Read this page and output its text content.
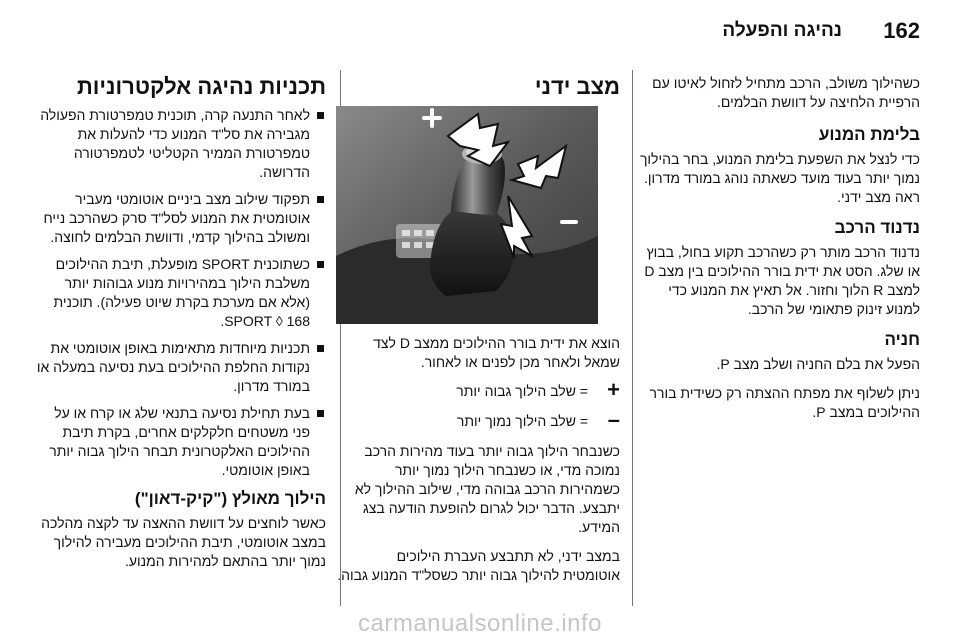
162
נהיגה והפעלה

כשהילוך משולב, הרכב מתחיל לזחול לאיטו עם הרפיית הלחיצה על דוושת הבלמים.

בלימת המנוע

כדי לנצל את השפעת בלימת המנוע, בחר בהילוך נמוך יותר בעוד מועד כשאתה נוהג במורד מדרון. ראה מצב ידני.

נדנוד הרכב

נדנוד הרכב מותר רק כשהרכב תקוע בחול, בבוץ או שלג. הסט את ידית בורר ההילוכים בין מצב D למצב R הלוך וחזור. אל תאיץ את המנוע כדי למנוע זינוק פתאומי של הרכב.

חניה

הפעל את בלם החניה ושלב מצב P.

ניתן לשלוף את מפתח ההצתה רק כשידית בורר ההילוכים במצב P.

מצב ידני

הוצא את ידית בורר ההילוכים ממצב D לצד שמאל ולאחר מכן לפנים או לאחור.

+
= שלב הילוך גבוה יותר
–
= שלב הילוך נמוך יותר

כשנבחר הילוך גבוה יותר בעוד מהירות הרכב נמוכה מדי, או כשנבחר הילוך נמוך יותר כשמהירות הרכב גבוהה מדי, שילוב ההילוך לא יתבצע. הדבר יכול לגרום להופעת הודעה בצג המידע.

במצב ידני, לא תתבצע העברת הילוכים אוטומטית להילוך גבוה יותר כשסל"ד המנוע גבוה.

תכניות נהיגה אלקטרוניות
לאחר התנעה קרה, תוכנית טמפרטורת הפעולה מגבירה את סל"ד המנוע כדי להעלות את טמפרטורת הממיר הקטליטי לטמפרטורה הדרושה.
תפקוד שילוב מצב ביניים אוטומטי מעביר אוטומטית את המנוע לסל"ד סרק כשהרכב נייח ומשולב בהילוך קדמי, ודוושת הבלמים לחוצה.
כשתוכנית SPORT מופעלת, תיבת ההילוכים משלבת הילוך במהירויות מנוע גבוהות יותר (אלא אם מערכת בקרת שיוט פעילה). תוכנית SPORT ◊ 168.
תכניות מיוחדות מתאימות באופן אוטומטי את נקודות החלפת ההילוכים בעת נסיעה במעלה או במורד מדרון.
בעת תחילת נסיעה בתנאי שלג או קרח או על פני משטחים חלקלקים אחרים, בקרת תיבת ההילוכים האלקטרונית תבחר הילוך גבוה יותר באופן אוטומטי.
הילוך מאולץ ("קיק-דאון")

כאשר לוחצים על דוושת ההאצה עד לקצה מהלכה במצב אוטומטי, תיבת ההילוכים מעבירה להילוך נמוך יותר בהתאם למהירות המנוע.

carmanualsonline.info
